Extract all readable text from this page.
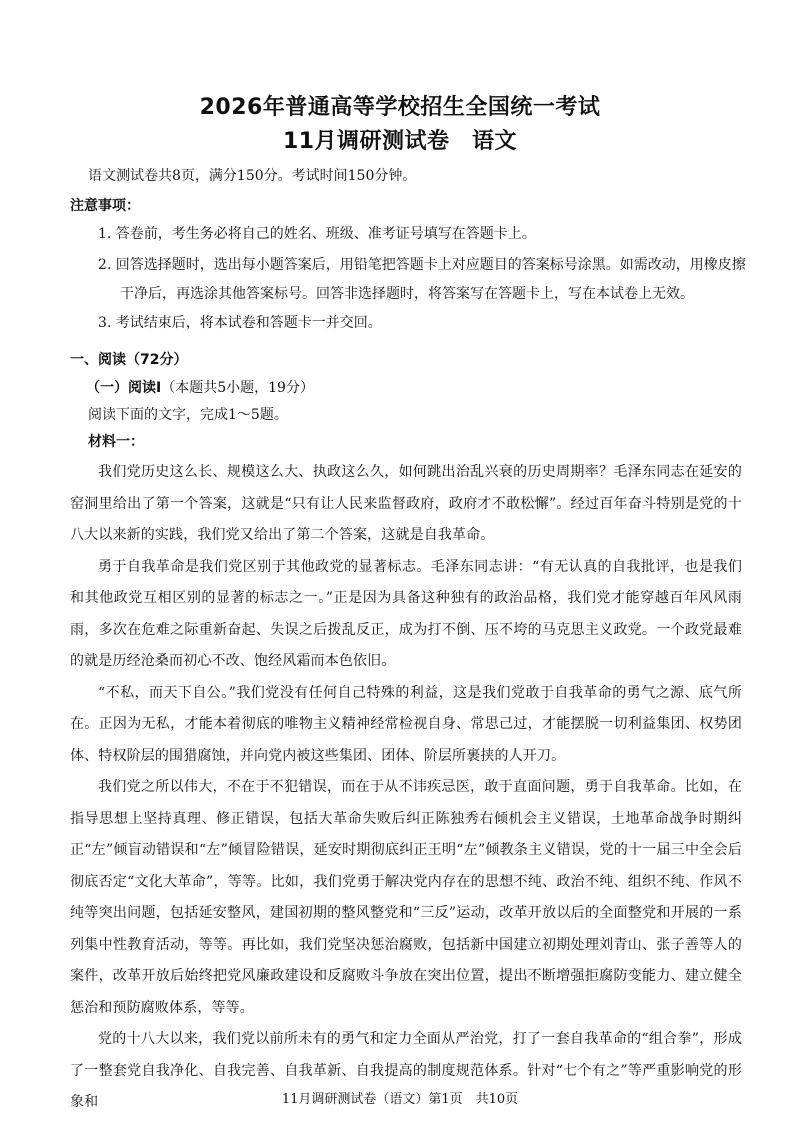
2026年普通高等学校招生全国统一考试
11月调研测试卷　语文
语文测试卷共8页，满分150分。考试时间150分钟。
注意事项：
1. 答卷前，考生务必将自己的姓名、班级、准考证号填写在答题卡上。
2. 回答选择题时，选出每小题答案后，用铅笔把答题卡上对应题目的答案标号涂黑。如需改动，用橡皮擦
干净后，再选涂其他答案标号。回答非选择题时，将答案写在答题卡上，写在本试卷上无效。
3. 考试结束后，将本试卷和答题卡一并交回。
一、阅读（72分）
（一）阅读Ⅰ（本题共5小题，19分）
阅读下面的文字，完成1～5题。
材料一：

我们党历史这么长、规模这么大、执政这么久，如何跳出治乱兴衰的历史周期率？毛泽东同志在延安的窑洞里给出了第一个答案，这就是“只有让人民来监督政府，政府才不敢松懈”。经过百年奋斗特别是党的十八大以来新的实践，我们党又给出了第二个答案，这就是自我革命。

勇于自我革命是我们党区别于其他政党的显著标志。毛泽东同志讲：“有无认真的自我批评，也是我们和其他政党互相区别的显著的标志之一。”正是因为具备这种独有的政治品格，我们党才能穿越百年风风雨雨，多次在危难之际重新奋起、失误之后拨乱反正，成为打不倒、压不垮的马克思主义政党。一个政党最难的就是历经沧桑而初心不改、饱经风霜而本色依旧。

“不私，而天下自公。”我们党没有任何自己特殊的利益，这是我们党敢于自我革命的勇气之源、底气所在。正因为无私，才能本着彻底的唯物主义精神经常检视自身、常思己过，才能摆脱一切利益集团、权势团体、特权阶层的围猎腐蚀，并向党内被这些集团、团体、阶层所裹挟的人开刀。

我们党之所以伟大，不在于不犯错误，而在于从不讳疾忌医，敢于直面问题，勇于自我革命。比如，在指导思想上坚持真理、修正错误，包括大革命失败后纠正陈独秀右倾机会主义错误，土地革命战争时期纠正“左”倾盲动错误和“左”倾冒险错误，延安时期彻底纠正王明“左”倾教条主义错误，党的十一届三中全会后彻底否定“文化大革命”，等等。比如，我们党勇于解决党内存在的思想不纯、政治不纯、组织不纯、作风不纯等突出问题，包括延安整风，建国初期的整风整党和“三反”运动，改革开放以后的全面整党和开展的一系列集中性教育活动，等等。再比如，我们党坚决惩治腐败，包括新中国建立初期处理刘青山、张子善等人的案件，改革开放后始终把党风廉政建设和反腐败斗争放在突出位置，提出不断增强拒腐防变能力、建立健全惩治和预防腐败体系，等等。

党的十八大以来，我们党以前所未有的勇气和定力全面从严治党，打了一套自我革命的“组合拳”，形成了一整套党自我净化、自我完善、自我革新、自我提高的制度规范体系。针对“七个有之”等严重影响党的形象和	11月调研测试卷（语文）第1页　共10页
